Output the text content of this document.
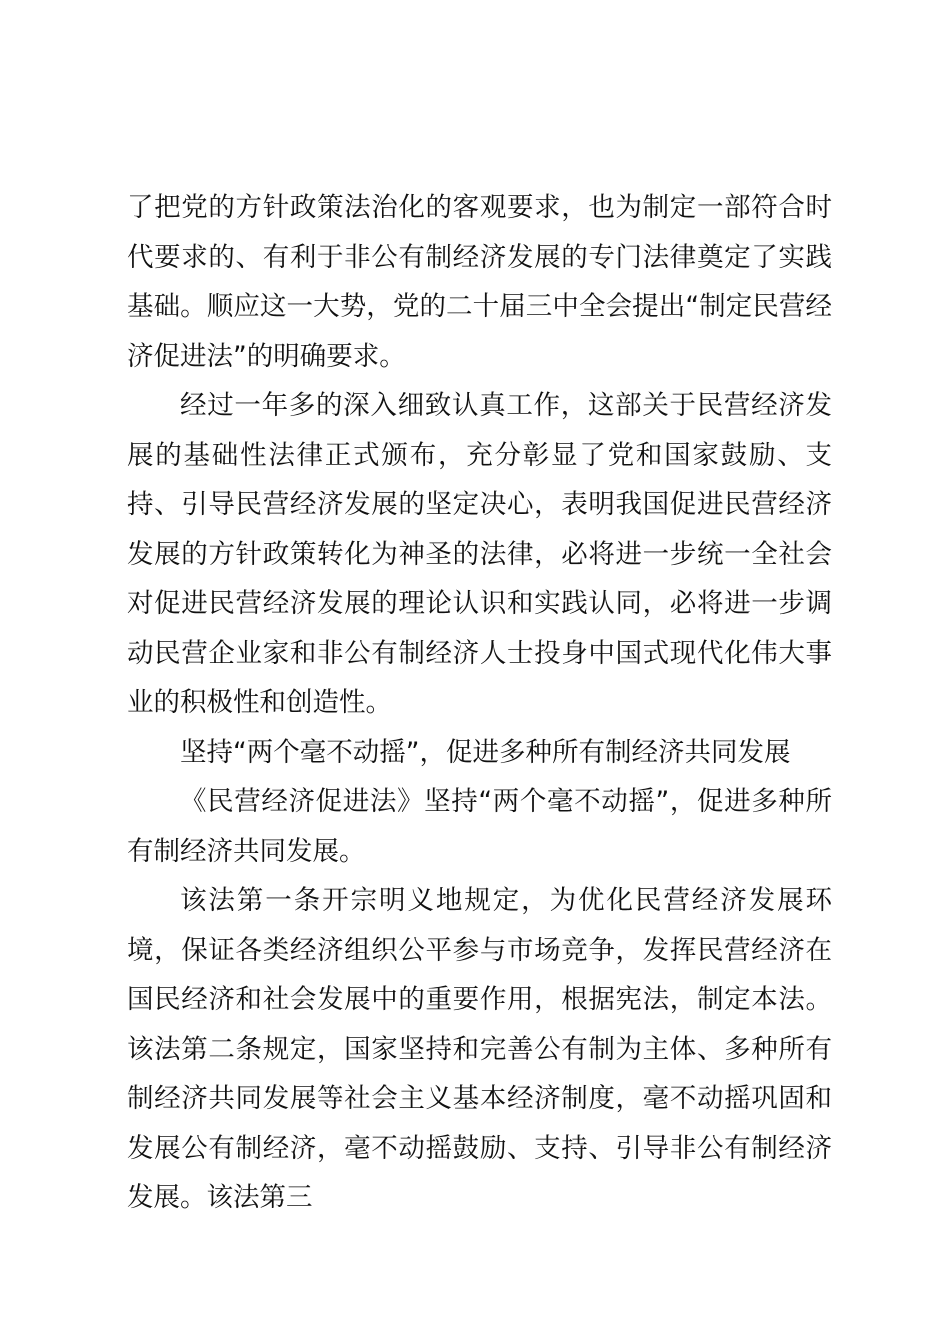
了把党的方针政策法治化的客观要求，也为制定一部符合时代要求的、有利于非公有制经济发展的专门法律奠定了实践基础。顺应这一大势，党的二十届三中全会提出“制定民营经济促进法”的明确要求。

经过一年多的深入细致认真工作，这部关于民营经济发展的基础性法律正式颁布，充分彰显了党和国家鼓励、支持、引导民营经济发展的坚定决心，表明我国促进民营经济发展的方针政策转化为神圣的法律，必将进一步统一全社会对促进民营经济发展的理论认识和实践认同，必将进一步调动民营企业家和非公有制经济人士投身中国式现代化伟大事业的积极性和创造性。

坚持“两个毫不动摇”，促进多种所有制经济共同发展

《民营经济促进法》坚持“两个毫不动摇”，促进多种所有制经济共同发展。

该法第一条开宗明义地规定，为优化民营经济发展环境，保证各类经济组织公平参与市场竞争，发挥民营经济在国民经济和社会发展中的重要作用，根据宪法，制定本法。该法第二条规定，国家坚持和完善公有制为主体、多种所有制经济共同发展等社会主义基本经济制度，毫不动摇巩固和发展公有制经济，毫不动摇鼓励、支持、引导非公有制经济发展。该法第三
